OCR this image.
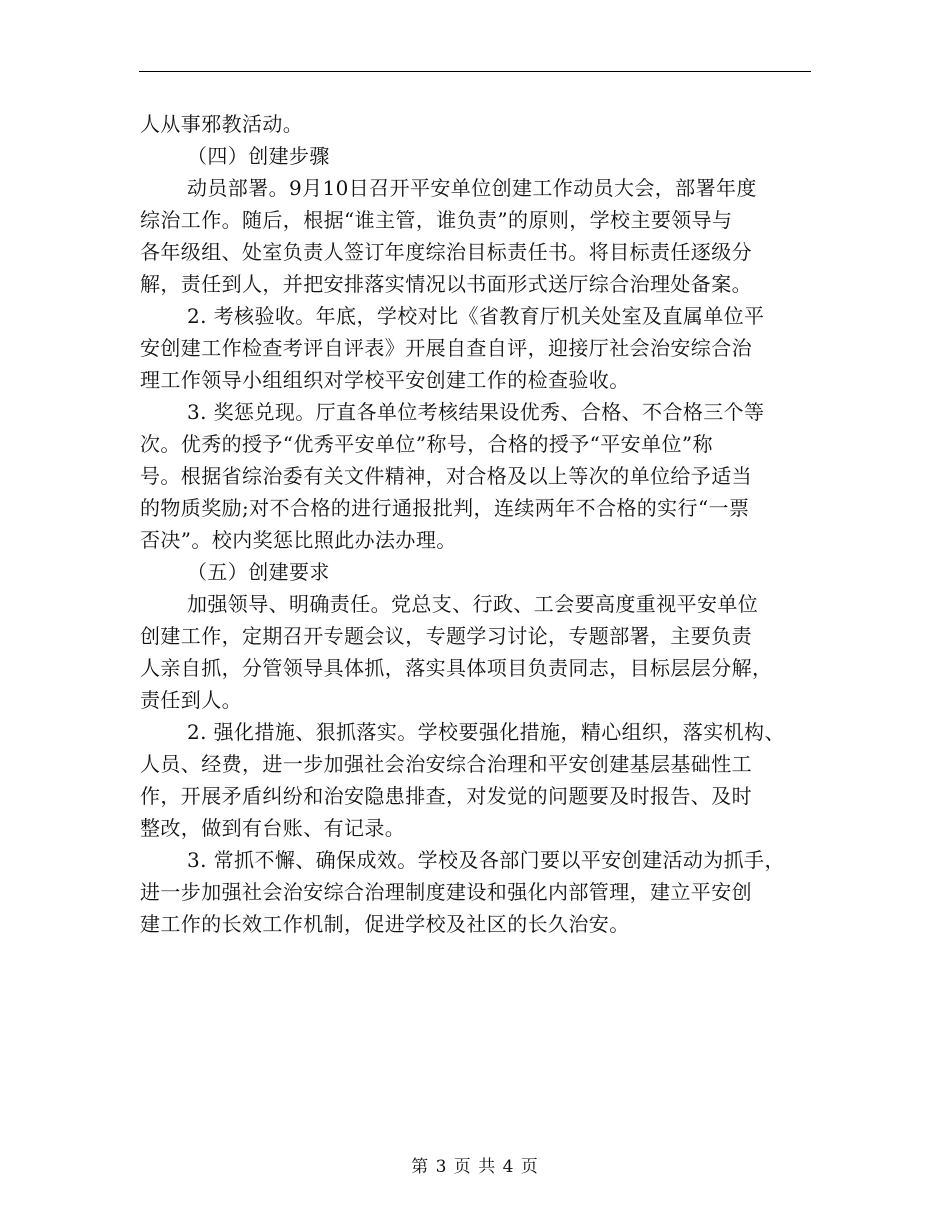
人从事邪教活动。
（四）创建步骤
动员部署。9月10日召开平安单位创建工作动员大会，部署年度
综治工作。随后，根据“谁主管，谁负责”的原则，学校主要领导与
各年级组、处室负责人签订年度综治目标责任书。将目标责任逐级分
解，责任到人，并把安排落实情况以书面形式送厅综合治理处备案。
2. 考核验收。年底，学校对比《省教育厅机关处室及直属单位平
安创建工作检查考评自评表》开展自查自评，迎接厅社会治安综合治
理工作领导小组组织对学校平安创建工作的检查验收。
3. 奖惩兑现。厅直各单位考核结果设优秀、合格、不合格三个等
次。优秀的授予“优秀平安单位”称号，合格的授予“平安单位”称
号。根据省综治委有关文件精神，对合格及以上等次的单位给予适当
的物质奖励;对不合格的进行通报批判，连续两年不合格的实行“一票
否决”。校内奖惩比照此办法办理。
（五）创建要求
加强领导、明确责任。党总支、行政、工会要高度重视平安单位
创建工作，定期召开专题会议，专题学习讨论，专题部署，主要负责
人亲自抓，分管领导具体抓，落实具体项目负责同志，目标层层分解，
责任到人。
2. 强化措施、狠抓落实。学校要强化措施，精心组织，落实机构、
人员、经费，进一步加强社会治安综合治理和平安创建基层基础性工
作，开展矛盾纠纷和治安隐患排查，对发觉的问题要及时报告、及时
整改，做到有台账、有记录。
3. 常抓不懈、确保成效。学校及各部门要以平安创建活动为抓手，
进一步加强社会治安综合治理制度建设和强化内部管理，建立平安创
建工作的长效工作机制，促进学校及社区的长久治安。
第 3 页 共 4 页
